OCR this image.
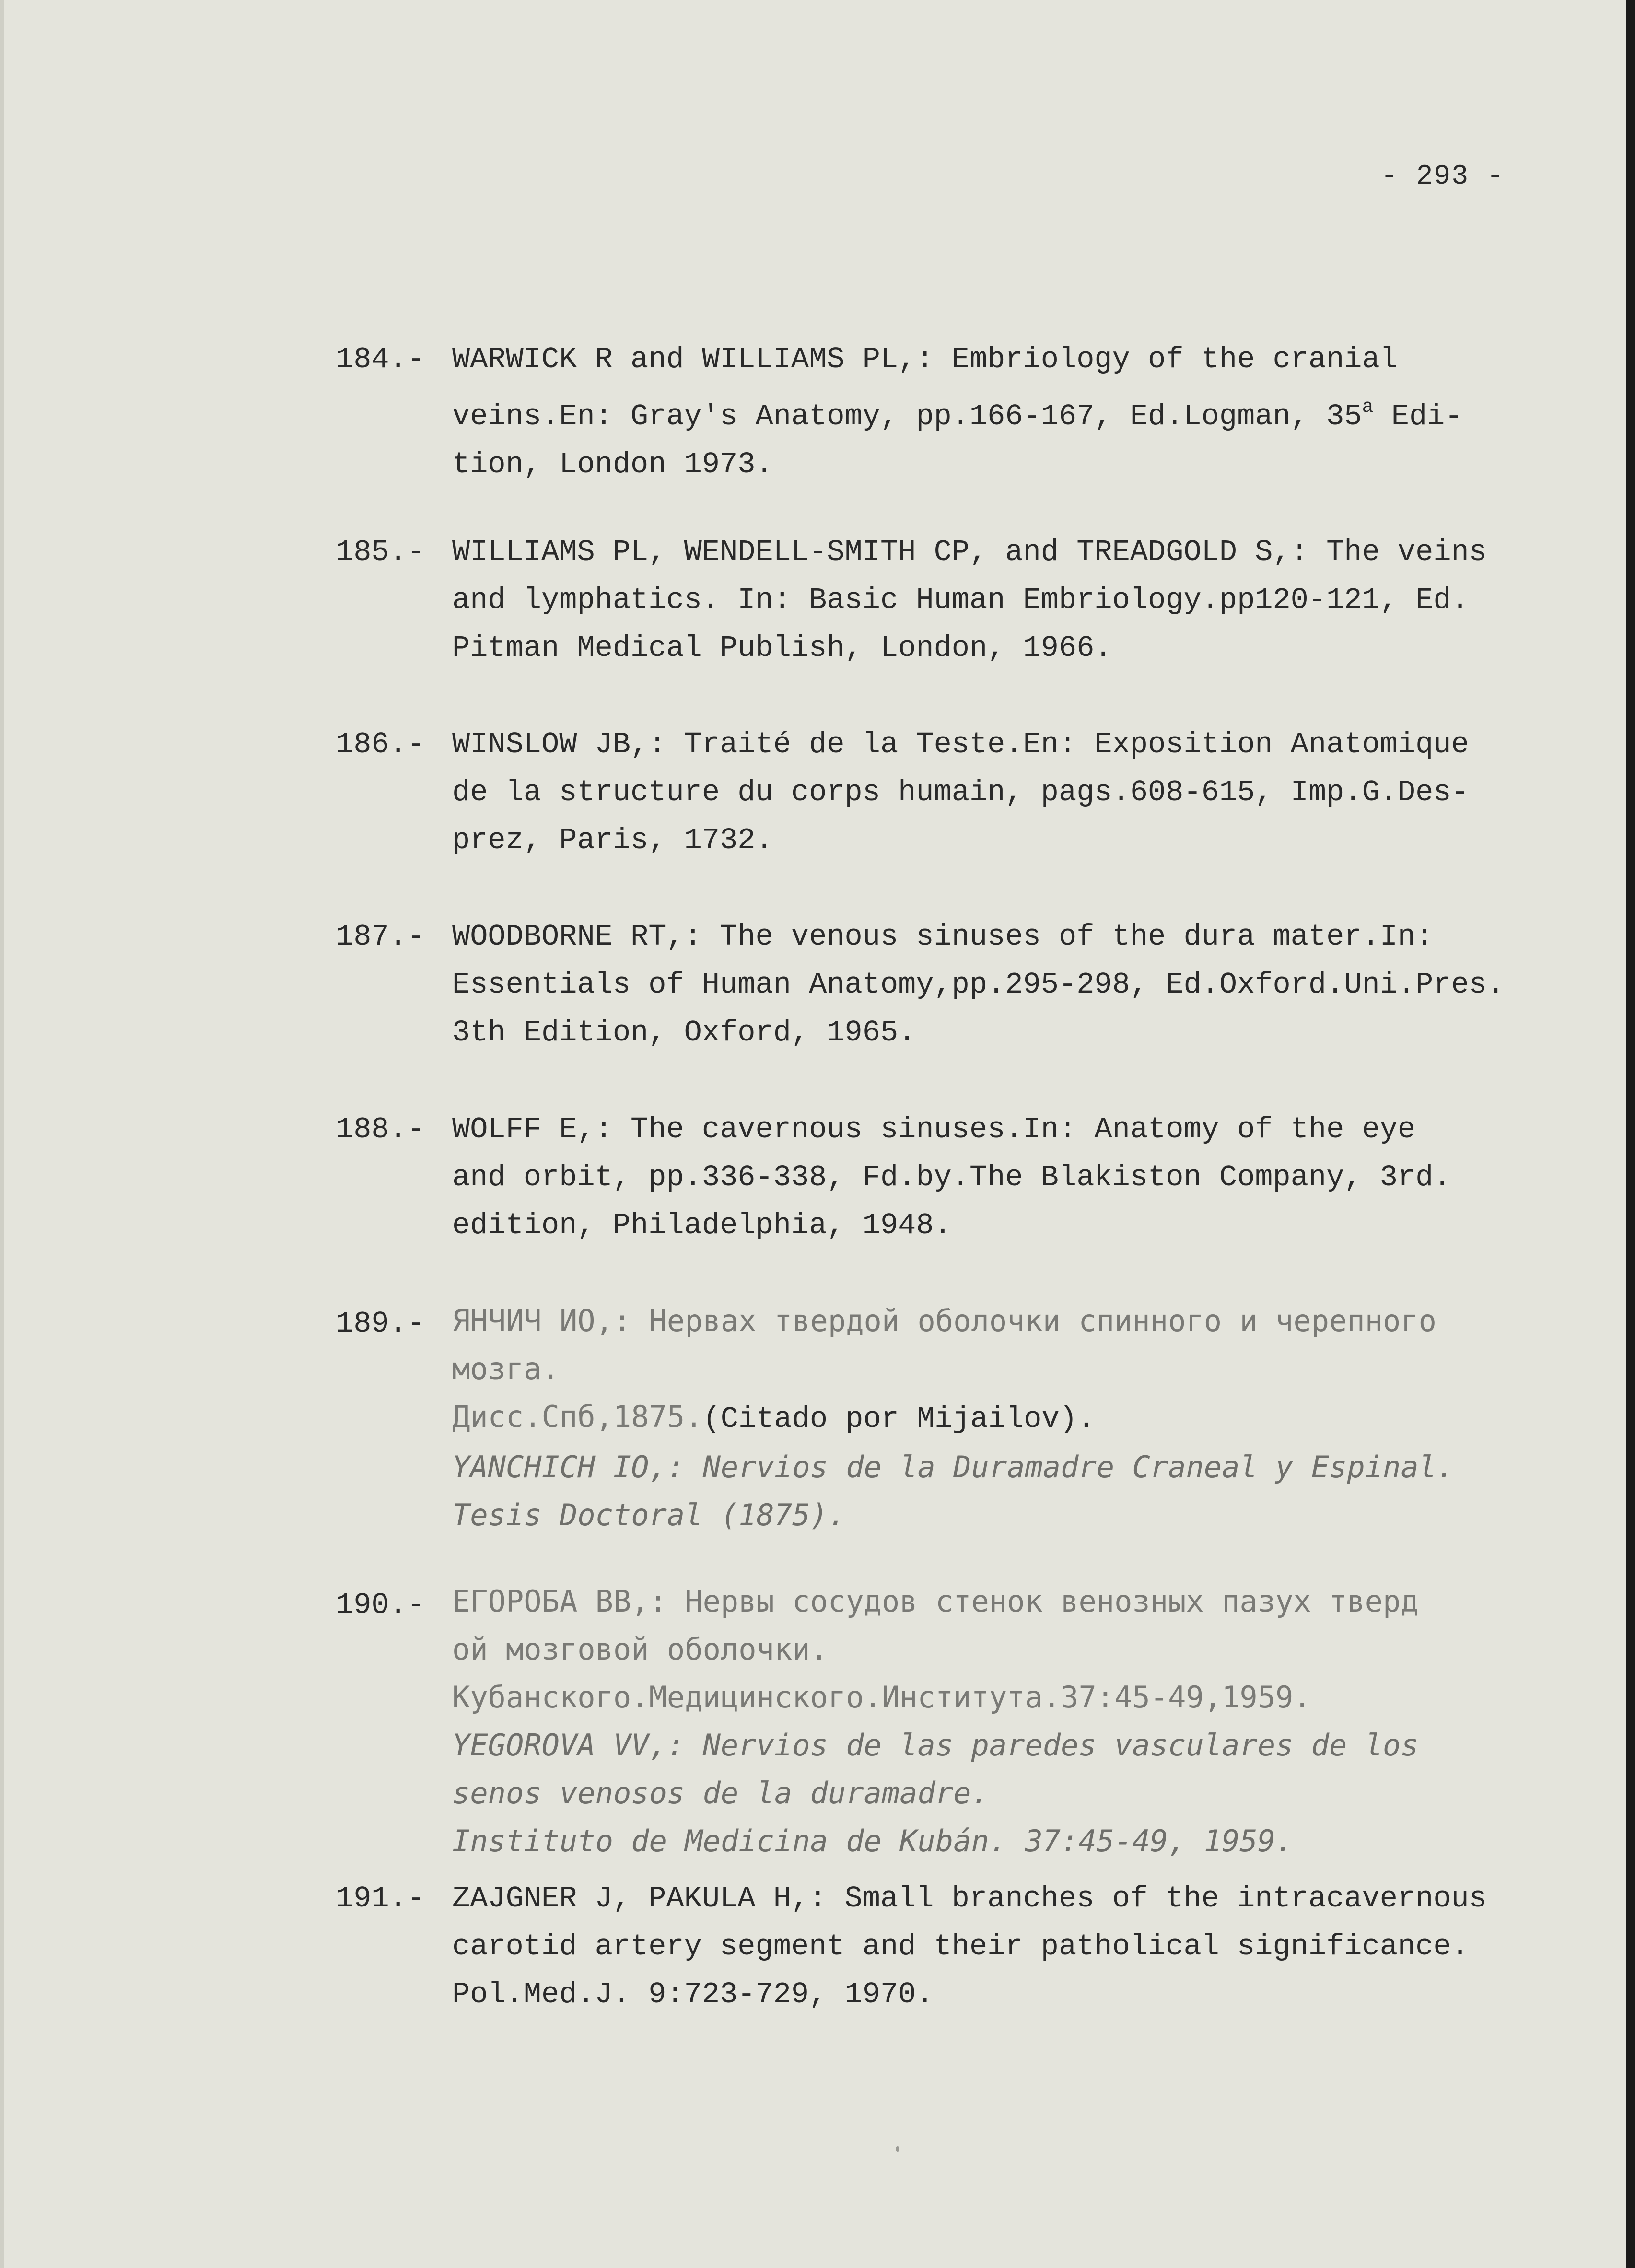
- 293 -
184.- WARWICK R and WILLIAMS PL,: Embriology of the cranial
veins.En: Gray's Anatomy, pp.166-167, Ed.Logman, 35$^a$ Edi-
tion, London 1973.
185.- WILLIAMS PL, WENDELL-SMITH CP, and TREADGOLD S,: The veins
and lymphatics. In: Basic Human Embriology.pp120-121, Ed.
Pitman Medical Publish, London, 1966.
186.- WINSLOW JB,: Traité de la Teste.En: Exposition Anatomique
de la structure du corps humain, pags.608-615, Imp.G.Des-
prez, Paris, 1732.
187.- WOODBORNE RT,: The venous sinuses of the dura mater.In:
Essentials of Human Anatomy,pp.295-298, Ed.Oxford.Uni.Pres.
3th Edition, Oxford, 1965.
188.- WOLFF E,: The cavernous sinuses.In: Anatomy of the eye
and orbit, pp.336-338, Fd.by.The Blakiston Company, 3rd.
edition, Philadelphia, 1948.
189.- ЯНЧИЧ ИО,: Нервах твердой оболочки спинного и черепного
мозга.
Дисс.Спб,1875.(Citado por Mijailov).
YANCHICH IO,: Nervios de la Duramadre Craneal y Espinal.
Tesis Doctoral (1875).
190.- ЕГОРОБА ВВ,: Нервы сосудов стенок венозных пазух тверд
ой мозговой оболочки.
Кубанского.Медицинского.Института.37:45-49,1959.
YEGOROVA VV,: Nervios de las paredes vasculares de los
senos venosos de la duramadre.
Instituto de Medicina de Kubán. 37:45-49, 1959.
191.- ZAJGNER J, PAKULA H,: Small branches of the intracavernous
carotid artery segment and their patholical significance.
Pol.Med.J. 9:723-729, 1970.
